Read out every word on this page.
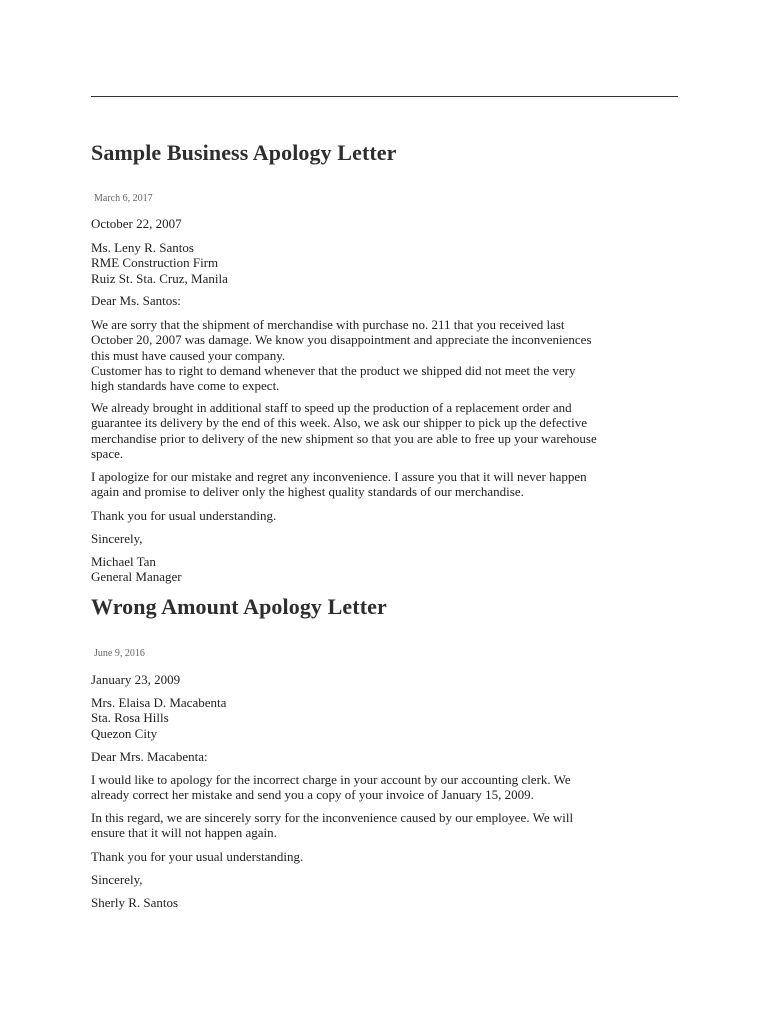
Sample Business Apology Letter
March 6, 2017
October 22, 2007
Ms. Leny R. Santos
RME Construction Firm
Ruiz St. Sta. Cruz, Manila
Dear Ms. Santos:
We are sorry that the shipment of merchandise with purchase no. 211 that you received last
October 20, 2007 was damage. We know you disappointment and appreciate the inconveniences
this must have caused your company.
Customer has to right to demand whenever that the product we shipped did not meet the very
high standards have come to expect.
We already brought in additional staff to speed up the production of a replacement order and
guarantee its delivery by the end of this week. Also, we ask our shipper to pick up the defective
merchandise prior to delivery of the new shipment so that you are able to free up your warehouse
space.
I apologize for our mistake and regret any inconvenience. I assure you that it will never happen
again and promise to deliver only the highest quality standards of our merchandise.
Thank you for usual understanding.
Sincerely,
Michael Tan
General Manager
Wrong Amount Apology Letter
June 9, 2016
January 23, 2009
Mrs. Elaisa D. Macabenta
Sta. Rosa Hills
Quezon City
Dear Mrs. Macabenta:
I would like to apology for the incorrect charge in your account by our accounting clerk. We
already correct her mistake and send you a copy of your invoice of January 15, 2009.
In this regard, we are sincerely sorry for the inconvenience caused by our employee. We will
ensure that it will not happen again.
Thank you for your usual understanding.
Sincerely,
Sherly R. Santos
